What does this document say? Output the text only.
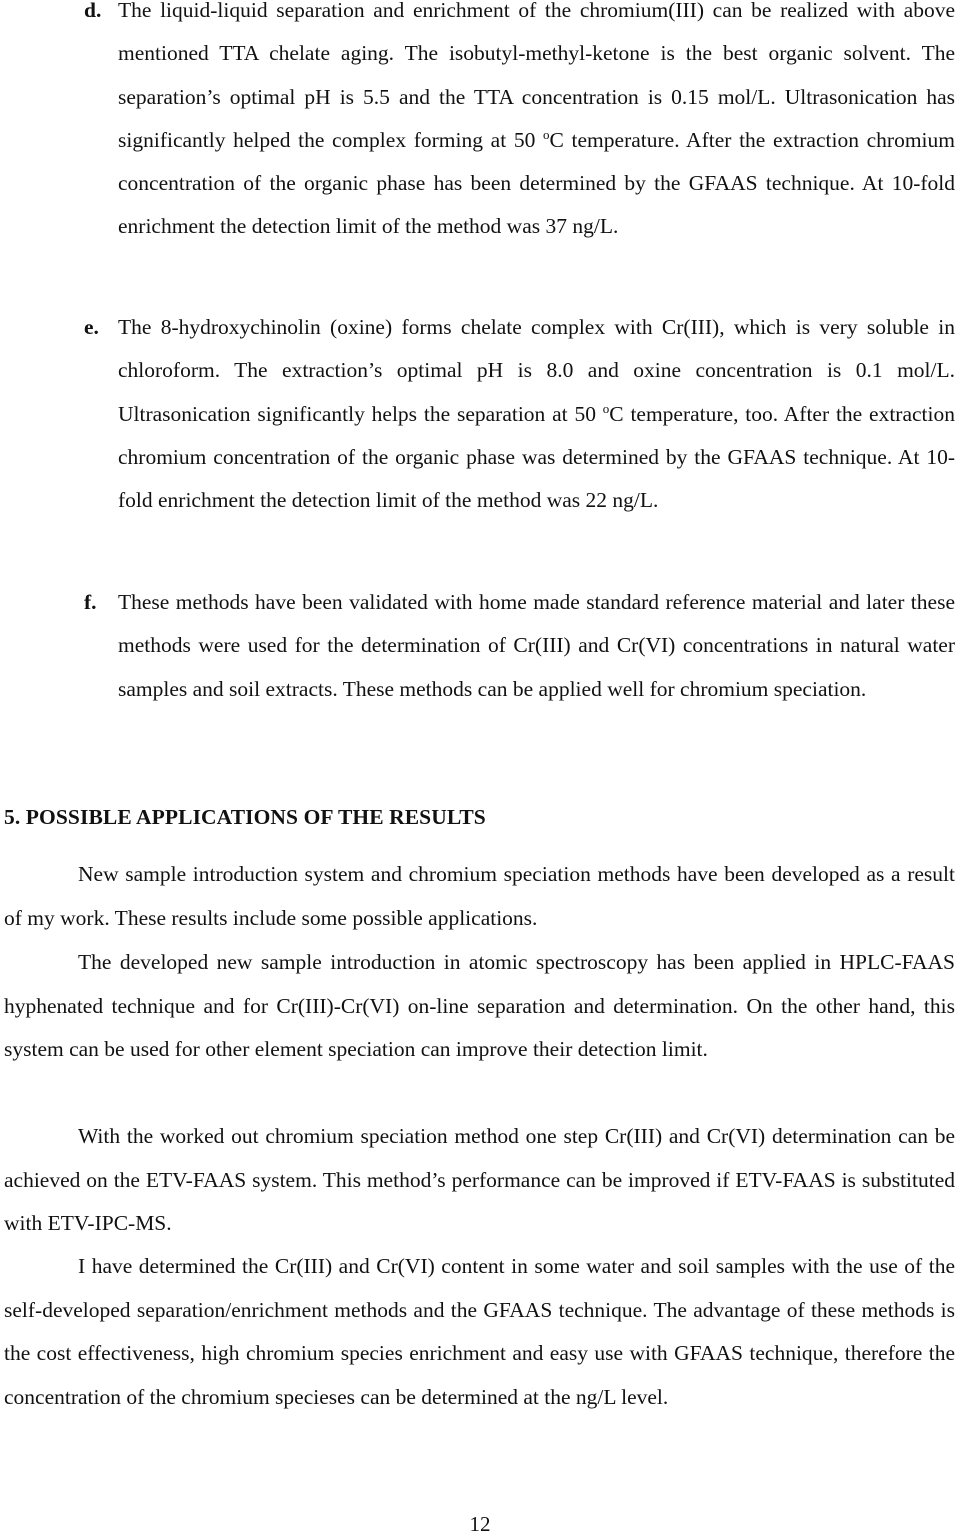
d. The liquid-liquid separation and enrichment of the chromium(III) can be realized with above mentioned TTA chelate aging. The isobutyl-methyl-ketone is the best organic solvent. The separation’s optimal pH is 5.5 and the TTA concentration is 0.15 mol/L. Ultrasonication has significantly helped the complex forming at 50 $^o$C temperature. After the extraction chromium concentration of the organic phase has been determined by the GFAAS technique. At 10-fold enrichment the detection limit of the method was 37 ng/L.
e. The 8-hydroxychinolin (oxine) forms chelate complex with Cr(III), which is very soluble in chloroform. The extraction’s optimal pH is 8.0 and oxine concentration is 0.1 mol/L. Ultrasonication significantly helps the separation at 50 $^o$C temperature, too. After the extraction chromium concentration of the organic phase was determined by the GFAAS technique. At 10-fold enrichment the detection limit of the method was 22 ng/L.
f. These methods have been validated with home made standard reference material and later these methods were used for the determination of Cr(III) and Cr(VI) concentrations in natural water samples and soil extracts. These methods can be applied well for chromium speciation.
5. POSSIBLE APPLICATIONS OF THE RESULTS
New sample introduction system and chromium speciation methods have been developed as a result of my work. These results include some possible applications.
The developed new sample introduction in atomic spectroscopy has been applied in HPLC-FAAS hyphenated technique and for Cr(III)-Cr(VI) on-line separation and determination. On the other hand, this system can be used for other element speciation can improve their detection limit.
With the worked out chromium speciation method one step Cr(III) and Cr(VI) determination can be achieved on the ETV-FAAS system. This method’s performance can be improved if ETV-FAAS is substituted with ETV-IPC-MS.
I have determined the Cr(III) and Cr(VI) content in some water and soil samples with the use of the self-developed separation/enrichment methods and the GFAAS technique. The advantage of these methods is the cost effectiveness, high chromium species enrichment and easy use with GFAAS technique, therefore the concentration of the chromium specieses can be determined at the ng/L level.
12
